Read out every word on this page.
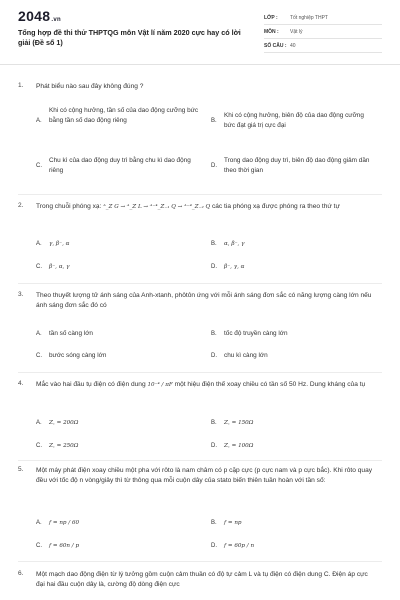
2048.vn
Tổng hợp đề thi thử THPTQG môn Vật lí năm 2020 cực hay có lời giải (Đề số 1)
LỚP :	Tốt nghiệp THPT
MÔN :	Vật lý
SỐ CÂU : 40
1. Phát biểu nào sau đây không đúng ?
A.
Khi có cộng hưởng, tần số của dao động cưỡng bức bằng tần số dao động riêng	B.
Khi có cộng hưởng, biên độ của dao động cưỡng bức đạt giá trị cực đại
C.
Chu kì của dao động duy trì bằng chu kì dao động riêng
D.
Trong dao động duy trì, biên độ dao động giảm dần theo thời gian
2. Trong chuỗi phóng xạ: ᴬ_Z G → ᴬ_Z L → ᴬ⁻⁴_Z₋₁ Q → ᴬ⁻⁴_Z₋₂ Q các tia phóng xạ được phóng ra theo thứ tự
A. γ, β⁻, α	B. α, β⁻, γ
C. β⁻, α, γ	D. β⁻, γ, α
3. Theo thuyết lượng tử ánh sáng của Anh-xtanh, phôtôn ứng với mỗi ánh sáng đơn sắc có năng lượng càng lớn nếu ánh sáng đơn sắc đó có
A. tần số càng lớn	B. tốc độ truyền càng lớn
C. bước sóng càng lớn	D. chu kì càng lớn
4. Mắc vào hai đầu tụ điện có điện dung 10⁻⁴ / πF một hiệu điện thế xoay chiều có tần số 50 Hz. Dung kháng của tụ
A. Z꜀ = 200Ω	B. Z꜀ = 150Ω
C. Z꜀ = 250Ω	D. Z꜀ = 100Ω
5. Một máy phát điện xoay chiều một pha với rôto là nam châm có p cặp cực (p cực nam và p cực bắc). Khi rôto quay đều với tốc độ n vòng/giây thì từ thông qua mỗi cuộn dây của stato biến thiên tuần hoàn với tần số:
A. f = np / 60	B. f = np
C. f = 60n / p	D. f = 60p / n
6. Một mạch dao động điện từ lý tưởng gồm cuộn cảm thuần có độ tự cảm L và tụ điện có điện dung C. Điện áp cực đại hai đầu cuộn dây là, cường độ dòng điện cực
